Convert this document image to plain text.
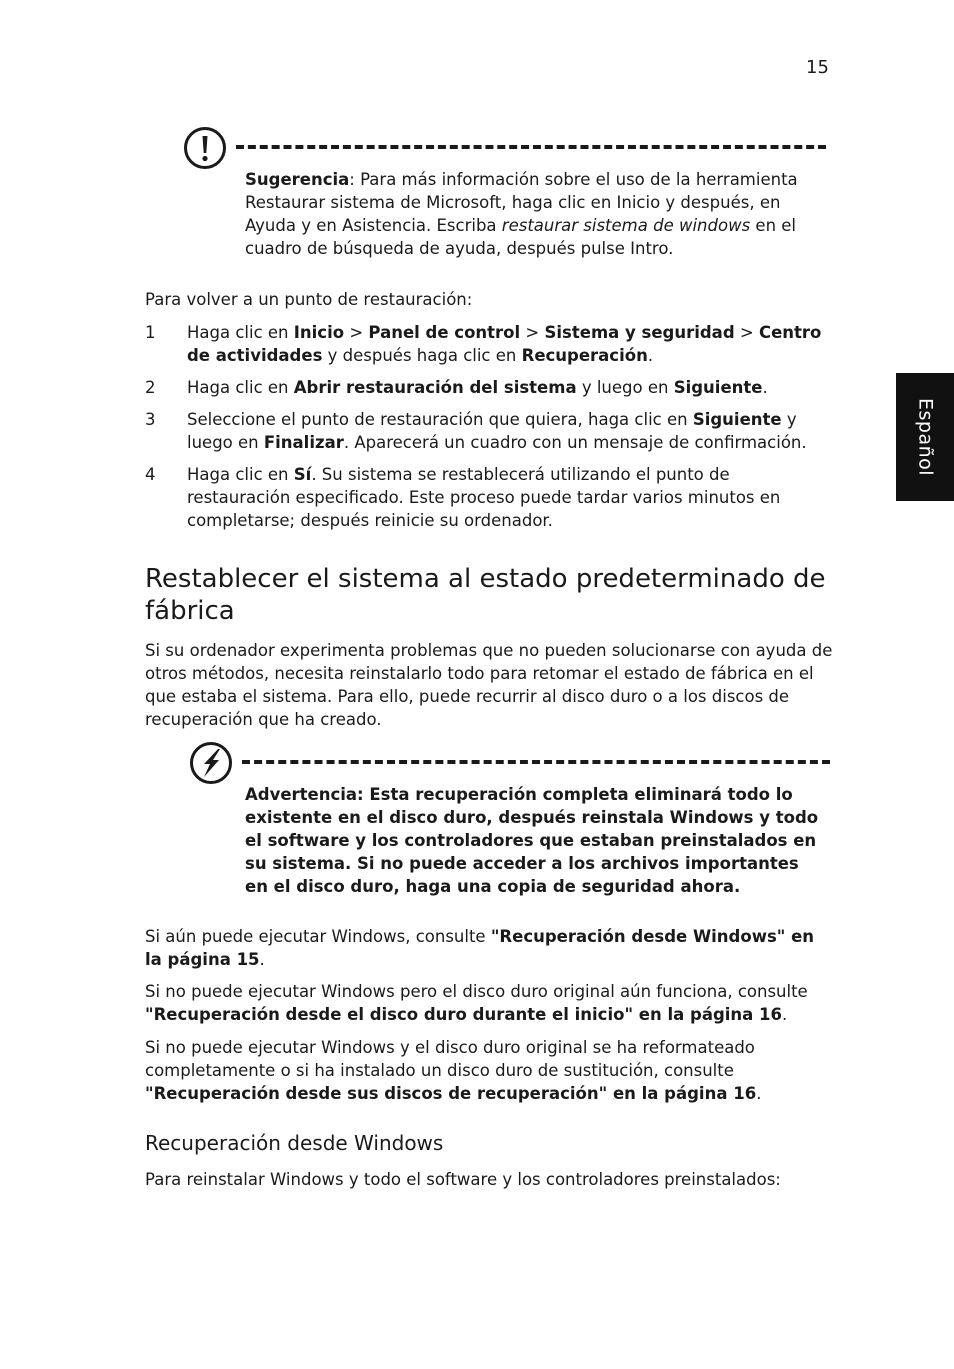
15
Español
Sugerencia: Para más información sobre el uso de la herramienta Restaurar sistema de Microsoft, haga clic en Inicio y después, en Ayuda y en Asistencia. Escriba restaurar sistema de windows en el cuadro de búsqueda de ayuda, después pulse Intro.
Para volver a un punto de restauración:
1	Haga clic en Inicio > Panel de control > Sistema y seguridad > Centro de actividades y después haga clic en Recuperación.
2	Haga clic en Abrir restauración del sistema y luego en Siguiente.
3	Seleccione el punto de restauración que quiera, haga clic en Siguiente y luego en Finalizar. Aparecerá un cuadro con un mensaje de confirmación.
4	Haga clic en Sí. Su sistema se restablecerá utilizando el punto de restauración especificado. Este proceso puede tardar varios minutos en completarse; después reinicie su ordenador.
Restablecer el sistema al estado predeterminado de fábrica
Si su ordenador experimenta problemas que no pueden solucionarse con ayuda de otros métodos, necesita reinstalarlo todo para retomar el estado de fábrica en el que estaba el sistema. Para ello, puede recurrir al disco duro o a los discos de recuperación que ha creado.
Advertencia: Esta recuperación completa eliminará todo lo existente en el disco duro, después reinstala Windows y todo el software y los controladores que estaban preinstalados en su sistema. Si no puede acceder a los archivos importantes en el disco duro, haga una copia de seguridad ahora.
Si aún puede ejecutar Windows, consulte "Recuperación desde Windows" en la página 15.
Si no puede ejecutar Windows pero el disco duro original aún funciona, consulte "Recuperación desde el disco duro durante el inicio" en la página 16.
Si no puede ejecutar Windows y el disco duro original se ha reformateado completamente o si ha instalado un disco duro de sustitución, consulte "Recuperación desde sus discos de recuperación" en la página 16.
Recuperación desde Windows
Para reinstalar Windows y todo el software y los controladores preinstalados:
